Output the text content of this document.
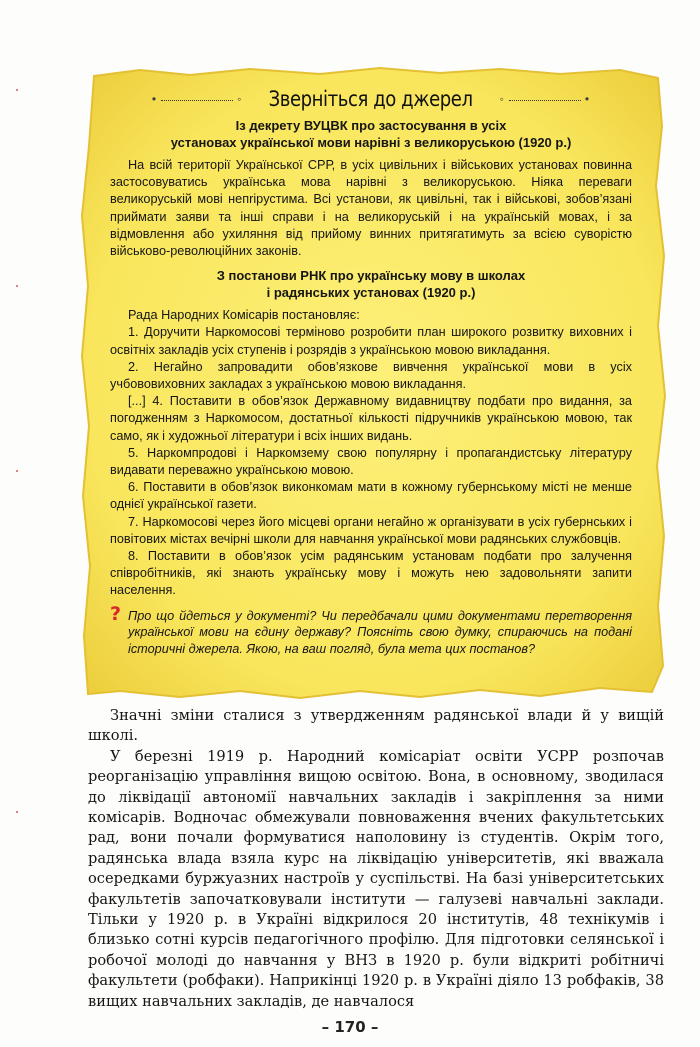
•	◦ Зверніться до джерел ◦	•
Із декрету ВУЦВК про застосування в усіх
установах української мови нарівні з великоруською (1920 р.)

На всій території Української СРР, в усіх цивільних і військових установах повинна застосовуватись українська мова нарівні з великоруською. Ніяка переваги великоруській мові непripустима. Всі установи, як цивільні, так і військові, зобов’язані приймати заяви та інші справи і на великоруській і на українській мовах, і за відмовлення або ухиляння від прийому винних притягатимуть за всією суворістю військово-революційних законів.

З постанови РНК про українську мову в школах
і радянських установах (1920 р.)

Рада Народних Комісарів постановляє:

1. Доручити Наркомосові терміново розробити план широкого розвитку виховних і освітніх закладів усіх ступенів і розрядів з українською мовою викладання.

2. Негайно запровадити обов’язкове вивчення української мови в усіх учбововиховних закладах з українською мовою викладання.

[...] 4. Поставити в обов’язок Державному видавництву подбати про видання, за погодженням з Наркомосом, достатньої кількості підручників українською мовою, так само, як і художньої літератури і всіх інших видань.

5. Наркомпродові і Наркомзему свою популярну і пропагандистську літературу видавати переважно українською мовою.

6. Поставити в обов’язок виконкомам мати в кожному губернському місті не менше однієї української газети.

7. Наркомосові через його місцеві органи негайно ж організувати в усіх губернських і повітових містах вечірні школи для навчання української мови радянських службовців.

8. Поставити в обов’язок усім радянським установам подбати про залучення співробітників, які знають українську мову і можуть нею задовольняти запити населення.

? Про що йдеться у документі? Чи передбачали цими документами перетворення української мови на єдину державу? Поясніть свою думку, спираючись на подані історичні джерела. Якою, на ваш погляд, була мета цих постанов?

Значні зміни сталися з утвердженням радянської влади й у вищій школі.

У березні 1919 р. Народний комісаріат освіти УСРР розпочав реорганізацію управління вищою освітою. Вона, в основному, зводилася до ліквідації автономії навчальних закладів і закріплення за ними комісарів. Водночас обмежували повноваження вчених факультетських рад, вони почали формуватися наполовину із студентів. Окрім того, радянська влада взяла курс на ліквідацію університетів, які вважала осередками буржуазних настроїв у суспільстві. На базі університетських факультетів започатковували інститути — галузеві навчальні заклади. Тільки у 1920 р. в Україні відкрилося 20 інститутів, 48 технікумів і близько сотні курсів педагогічного профілю. Для підготовки селянської і робочої молоді до навчання у ВНЗ в 1920 р. були відкриті робітничі факультети (робфаки). Наприкінці 1920 р. в Україні діяло 13 робфаків, 38 вищих навчальних закладів, де навчалося

– 170 –
